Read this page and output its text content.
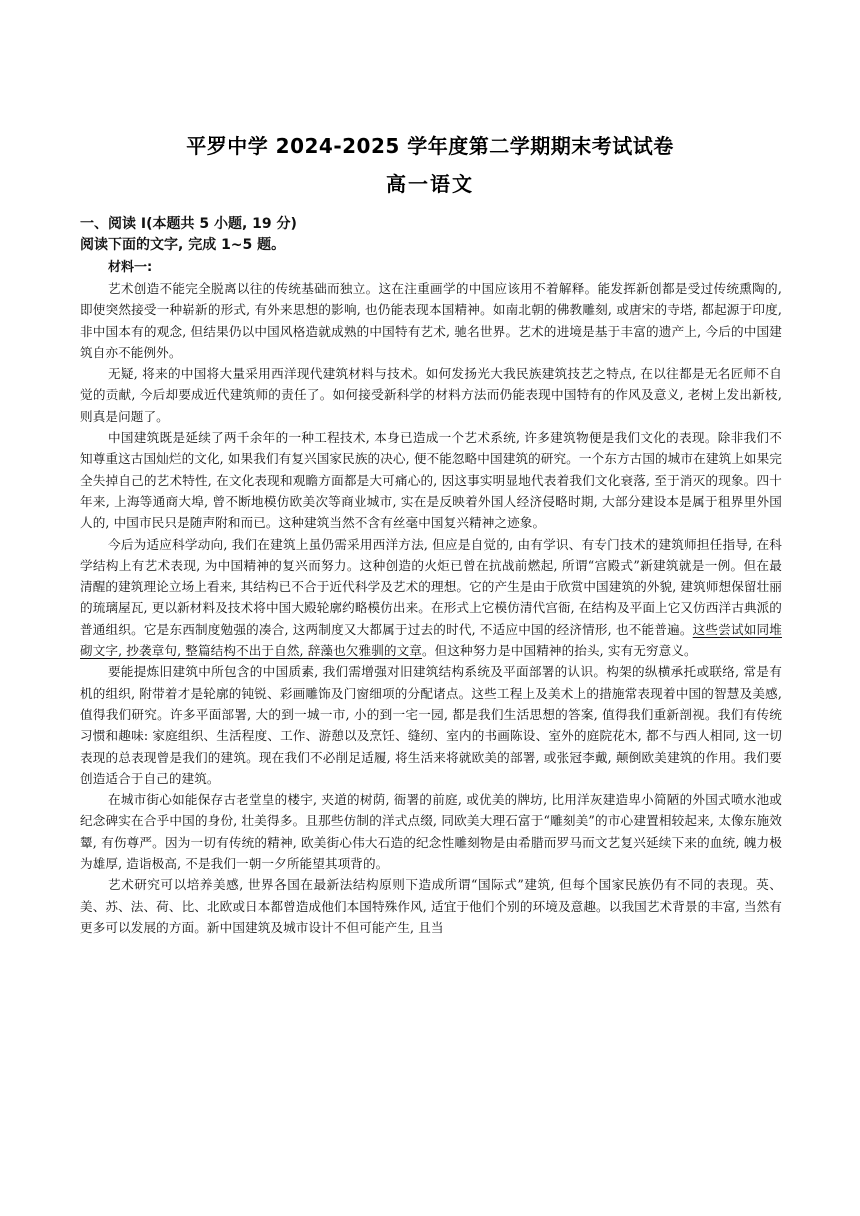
平罗中学 2024-2025 学年度第二学期期末考试试卷
高一语文

一、阅读 I(本题共 5 小题, 19 分)

阅读下面的文字, 完成 1~5 题。

材料一:

艺术创造不能完全脱离以往的传统基础而独立。这在注重画学的中国应该用不着解释。能发挥新创都是受过传统熏陶的, 即使突然接受一种崭新的形式, 有外来思想的影响, 也仍能表现本国精神。如南北朝的佛教雕刻, 或唐宋的寺塔, 都起源于印度, 非中国本有的观念, 但结果仍以中国风格造就成熟的中国特有艺术, 驰名世界。艺术的进境是基于丰富的遗产上, 今后的中国建筑自亦不能例外。

无疑, 将来的中国将大量采用西洋现代建筑材料与技术。如何发扬光大我民族建筑技艺之特点, 在以往都是无名匠师不自觉的贡献, 今后却要成近代建筑师的责任了。如何接受新科学的材料方法而仍能表现中国特有的作风及意义, 老树上发出新枝, 则真是问题了。

中国建筑既是延续了两千余年的一种工程技术, 本身已造成一个艺术系统, 许多建筑物便是我们文化的表现。除非我们不知尊重这古国灿烂的文化, 如果我们有复兴国家民族的决心, 便不能忽略中国建筑的研究。一个东方古国的城市在建筑上如果完全失掉自己的艺术特性, 在文化表现和观瞻方面都是大可痛心的, 因这事实明显地代表着我们文化衰落, 至于消灭的现象。四十年来, 上海等通商大埠, 曾不断地模仿欧美次等商业城市, 实在是反映着外国人经济侵略时期, 大部分建设本是属于租界里外国人的, 中国市民只是随声附和而已。这种建筑当然不含有丝毫中国复兴精神之迹象。

今后为适应科学动向, 我们在建筑上虽仍需采用西洋方法, 但应是自觉的, 由有学识、有专门技术的建筑师担任指导, 在科学结构上有艺术表现, 为中国精神的复兴而努力。这种创造的火炬已曾在抗战前燃起, 所谓“宫殿式”新建筑就是一例。但在最清醒的建筑理论立场上看来, 其结构已不合于近代科学及艺术的理想。它的产生是由于欣赏中国建筑的外貌, 建筑师想保留壮丽的琉璃屋瓦, 更以新材料及技术将中国大殿轮廓约略模仿出来。在形式上它模仿清代宫衙, 在结构及平面上它又仿西洋古典派的普通组织。它是东西制度勉强的凑合, 这两制度又大都属于过去的时代, 不适应中国的经济情形, 也不能普遍。这些尝试如同堆砌文字, 抄袭章句, 整篇结构不出于自然, 辞藻也欠雅驯的文章。但这种努力是中国精神的抬头, 实有无穷意义。

要能提炼旧建筑中所包含的中国质素, 我们需增强对旧建筑结构系统及平面部署的认识。构架的纵横承托或联络, 常是有机的组织, 附带着才是轮廓的钝锐、彩画雕饰及门窗细项的分配诸点。这些工程上及美术上的措施常表现着中国的智慧及美感, 值得我们研究。许多平面部署, 大的到一城一市, 小的到一宅一园, 都是我们生活思想的答案, 值得我们重新剖视。我们有传统习惯和趣味: 家庭组织、生活程度、工作、游憩以及烹饪、缝纫、室内的书画陈设、室外的庭院花木, 都不与西人相同, 这一切表现的总表现曾是我们的建筑。现在我们不必削足适履, 将生活来将就欧美的部署, 或张冠李戴, 颠倒欧美建筑的作用。我们要创造适合于自己的建筑。

在城市街心如能保存古老堂皇的楼宇, 夹道的树荫, 衙署的前庭, 或优美的牌坊, 比用洋灰建造卑小简陋的外国式喷水池或纪念碑实在合乎中国的身份, 壮美得多。且那些仿制的洋式点缀, 同欧美大理石富于“雕刻美”的市心建置相较起来, 太像东施效颦, 有伤尊严。因为一切有传统的精神, 欧美街心伟大石造的纪念性雕刻物是由希腊而罗马而文艺复兴延续下来的血统, 魄力极为雄厚, 造诣极高, 不是我们一朝一夕所能望其项背的。

艺术研究可以培养美感, 世界各国在最新法结构原则下造成所谓“国际式”建筑, 但每个国家民族仍有不同的表现。英、美、苏、法、荷、比、北欧或日本都曾造成他们本国特殊作风, 适宜于他们个别的环境及意趣。以我国艺术背景的丰富, 当然有更多可以发展的方面。新中国建筑及城市设计不但可能产生, 且当
